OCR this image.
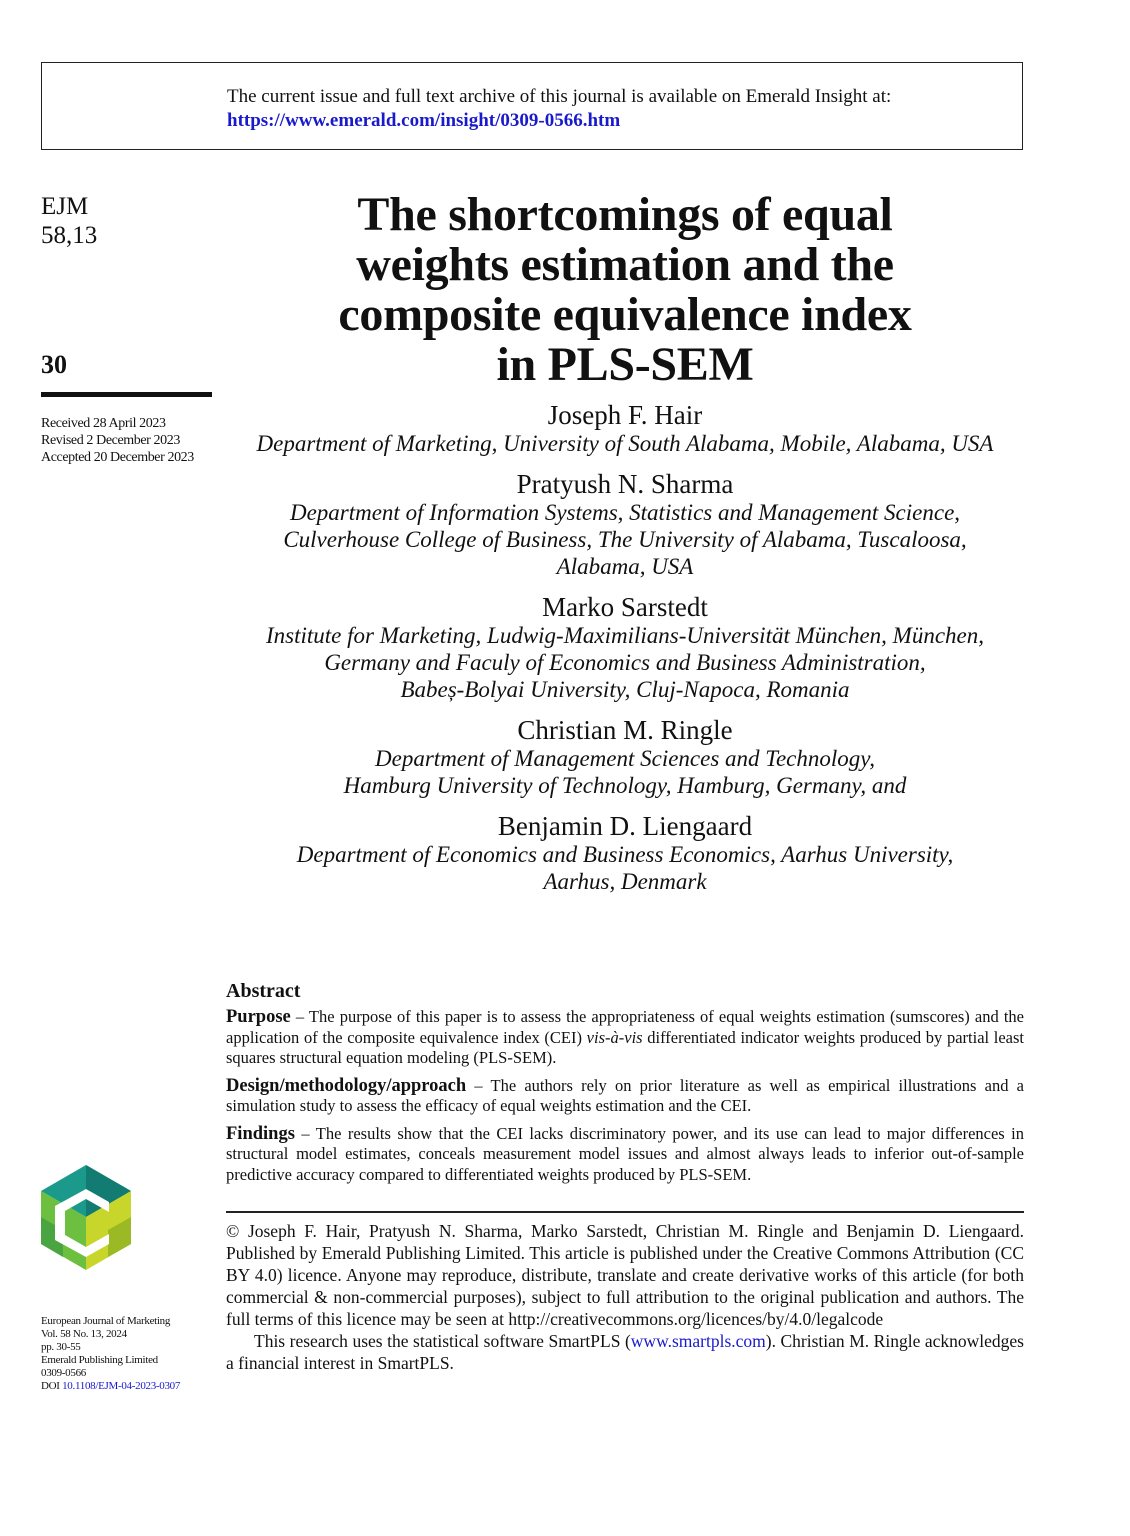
The current issue and full text archive of this journal is available on Emerald Insight at:
https://www.emerald.com/insight/0309-0566.htm
EJM
58,13
30
Received 28 April 2023
Revised 2 December 2023
Accepted 20 December 2023
European Journal of Marketing
Vol. 58 No. 13, 2024
pp. 30-55
Emerald Publishing Limited
0309-0566
DOI 10.1108/EJM-04-2023-0307
The shortcomings of equal
weights estimation and the
composite equivalence index
in PLS-SEM
Joseph F. Hair
Department of Marketing, University of South Alabama, Mobile, Alabama, USA
Pratyush N. Sharma
Department of Information Systems, Statistics and Management Science,
Culverhouse College of Business, The University of Alabama, Tuscaloosa,
Alabama, USA
Marko Sarstedt
Institute for Marketing, Ludwig-Maximilians-Universität München, München,
Germany and Faculy of Economics and Business Administration,
Babeș-Bolyai University, Cluj-Napoca, Romania
Christian M. Ringle
Department of Management Sciences and Technology,
Hamburg University of Technology, Hamburg, Germany, and
Benjamin D. Liengaard
Department of Economics and Business Economics, Aarhus University,
Aarhus, Denmark
Abstract

Purpose – The purpose of this paper is to assess the appropriateness of equal weights estimation (sumscores) and the application of the composite equivalence index (CEI) vis-à-vis differentiated indicator weights produced by partial least squares structural equation modeling (PLS-SEM).

Design/methodology/approach – The authors rely on prior literature as well as empirical illustrations and a simulation study to assess the efficacy of equal weights estimation and the CEI.

Findings – The results show that the CEI lacks discriminatory power, and its use can lead to major differences in structural model estimates, conceals measurement model issues and almost always leads to inferior out-of-sample predictive accuracy compared to differentiated weights produced by PLS-SEM.

© Joseph F. Hair, Pratyush N. Sharma, Marko Sarstedt, Christian M. Ringle and Benjamin D. Liengaard. Published by Emerald Publishing Limited. This article is published under the Creative Commons Attribution (CC BY 4.0) licence. Anyone may reproduce, distribute, translate and create derivative works of this article (for both commercial & non-commercial purposes), subject to full attribution to the original publication and authors. The full terms of this licence may be seen at http://creativecommons.org/licences/by/4.0/legalcode

This research uses the statistical software SmartPLS (www.smartpls.com). Christian M. Ringle acknowledges a financial interest in SmartPLS.
